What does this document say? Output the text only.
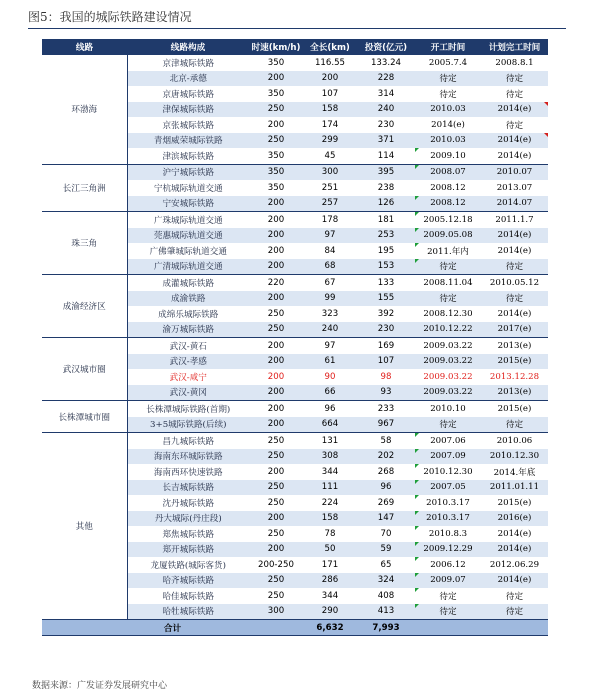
图5：我国的城际铁路建设情况
线路	线路构成	时速(km/h)	全长(km)	投资(亿元)	开工时间	计划完工时间
环渤海	京津城际铁路	350	116.55	133.24	2005.7.4	2008.8.1
	北京-承德	200	200	228	待定	待定
	京唐城际铁路	350	107	314	待定	待定
	津保城际铁路	250	158	240	2010.03	2014(e)
	京张城际铁路	200	174	230	2014(e)	待定
	青烟威荣城际铁路	250	299	371	2010.03	2014(e)
	津滨城际铁路	350	45	114	2009.10	2014(e)
长江三角洲	沪宁城际铁路	350	300	395	2008.07	2010.07
	宁杭城际轨道交通	350	251	238	2008.12	2013.07
	宁安城际铁路	200	257	126	2008.12	2014.07
珠三角	广珠城际轨道交通	200	178	181	2005.12.18	2011.1.7
	莞惠城际轨道交通	200	97	253	2009.05.08	2014(e)
	广佛肇城际轨道交通	200	84	195	2011.年内	2014(e)
	广清城际轨道交通	200	68	153	待定	待定
成渝经济区	成灌城际铁路	220	67	133	2008.11.04	2010.05.12
	成渝铁路	200	99	155	待定	待定
	成绵乐城际铁路	250	323	392	2008.12.30	2014(e)
	渝万城际铁路	250	240	230	2010.12.22	2017(e)
武汉城市圈	武汉-黄石	200	97	169	2009.03.22	2013(e)
	武汉-孝感	200	61	107	2009.03.22	2015(e)
	武汉-咸宁	200	90	98	2009.03.22	2013.12.28
	武汉-黄冈	200	66	93	2009.03.22	2013(e)
长株潭城市圈	长株潭城际铁路(首期)	200	96	233	2010.10	2015(e)
	3+5城际铁路(后续)	200	664	967	待定	待定
其他	昌九城际铁路	250	131	58	2007.06	2010.06
	海南东环城际铁路	250	308	202	2007.09	2010.12.30
	海南西环快速铁路	200	344	268	2010.12.30	2014.年底
	长吉城际铁路	250	111	96	2007.05	2011.01.11
	沈丹城际铁路	250	224	269	2010.3.17	2015(e)
	丹大城际(丹庄段)	200	158	147	2010.3.17	2016(e)
	郑焦城际铁路	250	78	70	2010.8.3	2014(e)
	郑开城际铁路	200	50	59	2009.12.29	2014(e)
	龙厦铁路(城际客货)	200-250	171	65	2006.12	2012.06.29
	哈齐城际铁路	250	286	324	2009.07	2014(e)
	哈佳城际铁路	250	344	408	待定	待定
	哈牡城际铁路	300	290	413	待定	待定
合计			6,632	7,993		
数据来源：广发证券发展研究中心
